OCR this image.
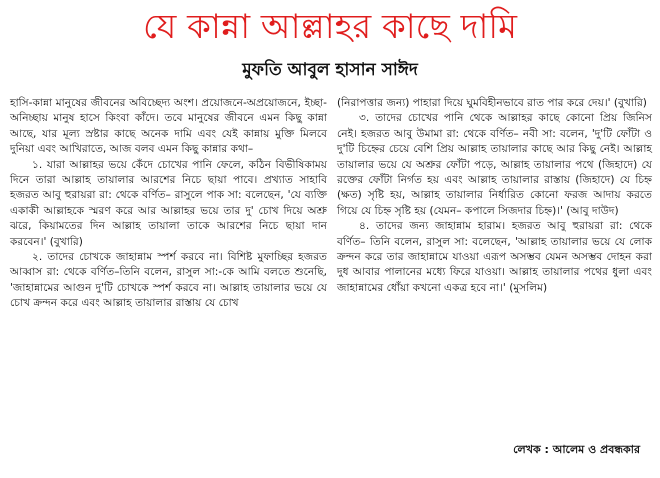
যে কান্না আল্লাহর কাছে দামি
মুফতি আবুল হাসান সাঈদ

হাসি-কান্না মানুষের জীবনের অবিচ্ছেদ্য অংশ। প্রয়োজনে-অপ্রয়োজনে, ইচ্ছা-অনিচ্ছায় মানুষ হাসে কিংবা কাঁদে। তবে মানুষের জীবনে এমন কিছু কান্না আছে, যার মূল্য স্রষ্টার কাছে অনেক দামি এবং যেই কান্নায় মুক্তি মিলবে দুনিয়া এবং আখিরাতে, আজ বলব এমন কিছু কান্নার কথা–

১. যারা আল্লাহর ভয়ে কেঁদে চোখের পানি ফেলে, কঠিন বিভীষিকাময় দিনে তারা আল্লাহ তায়ালার আরশের নিচে ছায়া পাবে। প্রখ্যাত সাহাবি হজরত আবু হুরায়রা রা: থেকে বর্ণিত– রাসুলে পাক সা: বলেছেন, 'যে ব্যক্তি একাকী আল্লাহকে স্মরণ করে আর আল্লাহর ভয়ে তার দু' চোখ দিয়ে অশ্রু ঝরে, কিয়ামতের দিন আল্লাহ তায়ালা তাকে আরশের নিচে ছায়া দান করবেন।' (বুখারি)

২. তাদের চোখকে জাহান্নাম স্পর্শ করবে না। বিশিষ্ট মুফাচ্ছির হজরত আব্বাস রা: থেকে বর্ণিত–তিনি বলেন, রাসুল সা:-কে আমি বলতে শুনেছি, 'জাহান্নামের আগুন দু'টি চোখকে স্পর্শ করবে না। আল্লাহ তায়ালার ভয়ে যে চোখ ক্রন্দন করে এবং আল্লাহ তায়ালার রাস্তায় যে চোখ

(নিরাপত্তার জন্য) পাহারা দিয়ে ঘুমবিহীনভাবে রাত পার করে দেয়।' (বুখারি)

৩. তাদের চোখের পানি থেকে আল্লাহর কাছে কোনো প্রিয় জিনিস নেই। হজরত আবু উমামা রা: থেকে বর্ণিত– নবী সা: বলেন, 'দু'টি ফোঁটা ও দু'টি চিহ্নের চেয়ে বেশি প্রিয় আল্লাহ তায়ালার কাছে আর কিছু নেই। আল্লাহ তায়ালার ভয়ে যে অশ্রুর ফোঁটা পড়ে, আল্লাহ তায়ালার পথে (জিহাদে) যে রক্তের ফোঁটা নির্গত হয় এবং আল্লাহ তায়ালার রাস্তায় (জিহাদে) যে চিহ্ন (ক্ষত) সৃষ্টি হয়, আল্লাহ তায়ালার নির্ধারিত কোনো ফরজ আদায় করতে গিয়ে যে চিহ্ন সৃষ্টি হয় (যেমন– কপালে সিজদার চিহ্ন)।' (আবু দাউদ)

৪. তাদের জন্য জাহান্নাম হারাম। হজরত আবু হুরায়রা রা: থেকে বর্ণিত– তিনি বলেন, রাসুল সা: বলেছেন, 'আল্লাহ তায়ালার ভয়ে যে লোক ক্রন্দন করে তার জাহান্নামে যাওয়া এরূপ অসম্ভব যেমন অসম্ভব দোহন করা দুধ আবার পালানের মধ্যে ফিরে যাওয়া। আল্লাহ তায়ালার পথের ধুলা এবং জাহান্নামের ধোঁয়া কখনো একত্র হবে না।' (মুসলিম)

লেখক : আলেম ও প্রবন্ধকার
